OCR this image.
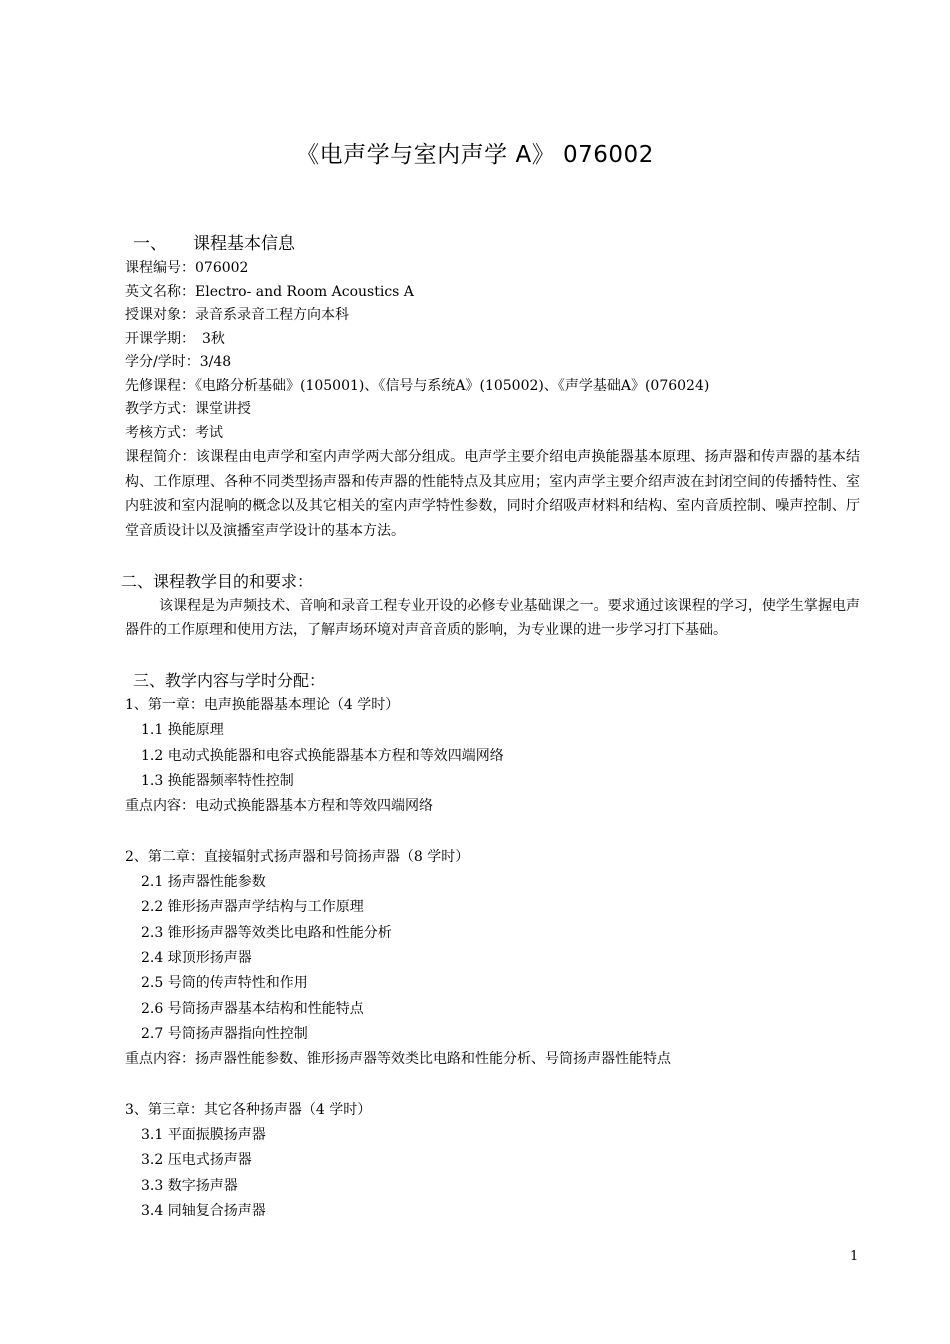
《电声学与室内声学 A》 076002
一、 课程基本信息
课程编号：076002
英文名称：Electro- and Room Acoustics A
授课对象：录音系录音工程方向本科
开课学期：　3秋
学分/学时：3/48
先修课程：《电路分析基础》(105001)、《信号与系统A》(105002)、《声学基础A》(076024)
教学方式：课堂讲授
考核方式：考试
课程简介：该课程由电声学和室内声学两大部分组成。电声学主要介绍电声换能器基本原理、扬声器和传声器的基本结构、工作原理、各种不同类型扬声器和传声器的性能特点及其应用；室内声学主要介绍声波在封闭空间的传播特性、室内驻波和室内混响的概念以及其它相关的室内声学特性参数，同时介绍吸声材料和结构、室内音质控制、噪声控制、厅堂音质设计以及演播室声学设计的基本方法。
二、课程教学目的和要求：
该课程是为声频技术、音响和录音工程专业开设的必修专业基础课之一。要求通过该课程的学习，使学生掌握电声器件的工作原理和使用方法，了解声场环境对声音音质的影响，为专业课的进一步学习打下基础。
三、教学内容与学时分配：
1、第一章：电声换能器基本理论（4 学时）
1.1 换能原理
1.2 电动式换能器和电容式换能器基本方程和等效四端网络
1.3 换能器频率特性控制
重点内容：电动式换能器基本方程和等效四端网络
2、第二章：直接辐射式扬声器和号筒扬声器（8 学时）
2.1 扬声器性能参数
2.2 锥形扬声器声学结构与工作原理
2.3 锥形扬声器等效类比电路和性能分析
2.4 球顶形扬声器
2.5 号筒的传声特性和作用
2.6 号筒扬声器基本结构和性能特点
2.7 号筒扬声器指向性控制
重点内容：扬声器性能参数、锥形扬声器等效类比电路和性能分析、号筒扬声器性能特点
3、第三章：其它各种扬声器（4 学时）
3.1 平面振膜扬声器
3.2 压电式扬声器
3.3 数字扬声器
3.4 同轴复合扬声器
1
